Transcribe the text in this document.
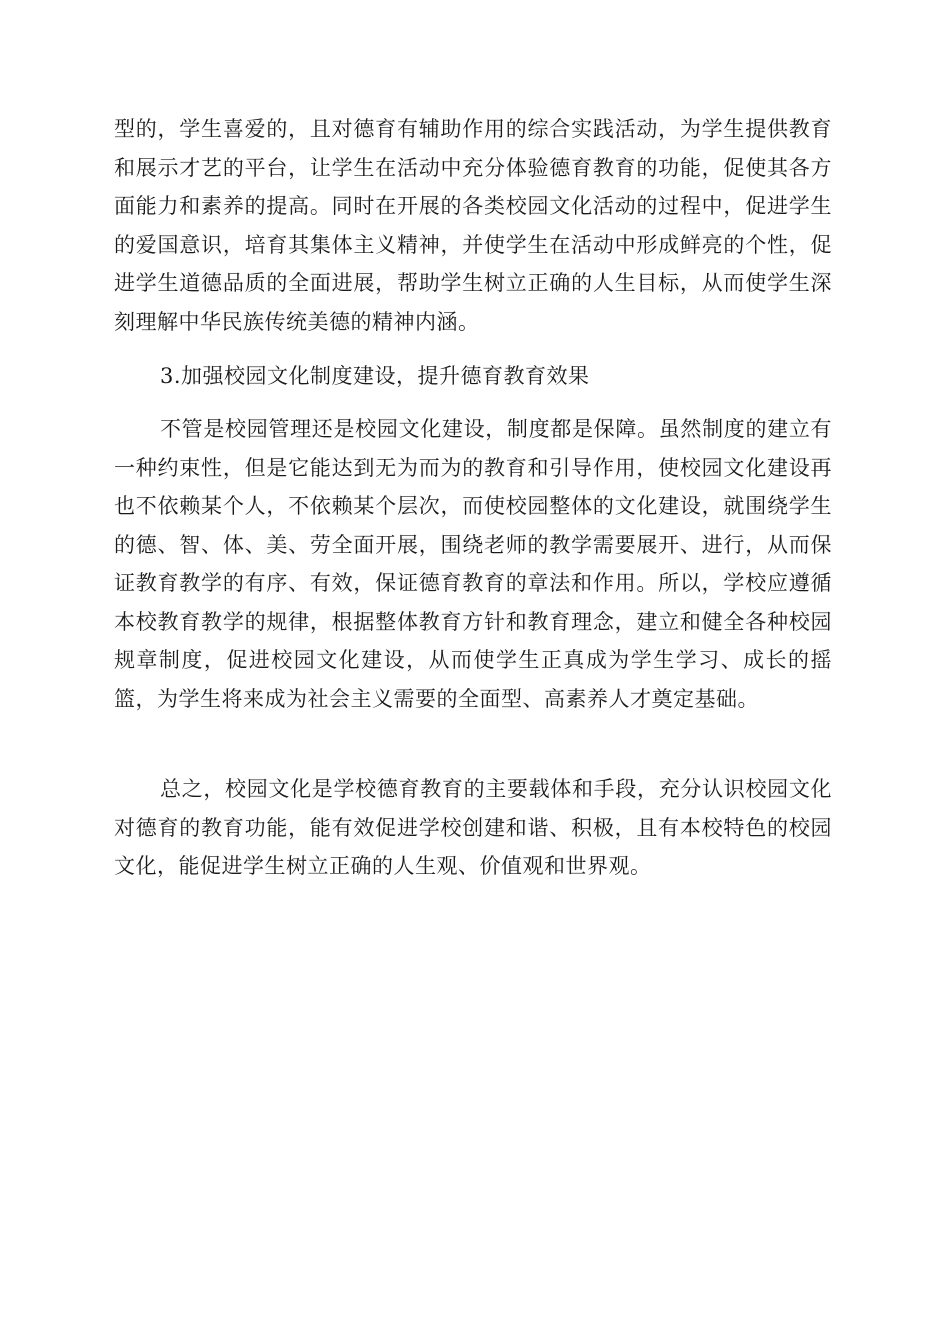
型的，学生喜爱的，且对德育有辅助作用的综合实践活动，为学生提供教育和展示才艺的平台，让学生在活动中充分体验德育教育的功能，促使其各方面能力和素养的提高。同时在开展的各类校园文化活动的过程中，促进学生的爱国意识，培育其集体主义精神，并使学生在活动中形成鲜亮的个性，促进学生道德品质的全面进展，帮助学生树立正确的人生目标，从而使学生深刻理解中华民族传统美德的精神内涵。

3.加强校园文化制度建设，提升德育教育效果

不管是校园管理还是校园文化建设，制度都是保障。虽然制度的建立有一种约束性，但是它能达到无为而为的教育和引导作用，使校园文化建设再也不依赖某个人，不依赖某个层次，而使校园整体的文化建设，就围绕学生的德、智、体、美、劳全面开展，围绕老师的教学需要展开、进行，从而保证教育教学的有序、有效，保证德育教育的章法和作用。所以，学校应遵循本校教育教学的规律，根据整体教育方针和教育理念，建立和健全各种校园规章制度，促进校园文化建设，从而使学生正真成为学生学习、成长的摇篮，为学生将来成为社会主义需要的全面型、高素养人才奠定基础。

总之，校园文化是学校德育教育的主要载体和手段，充分认识校园文化对德育的教育功能，能有效促进学校创建和谐、积极，且有本校特色的校园文化，能促进学生树立正确的人生观、价值观和世界观。
